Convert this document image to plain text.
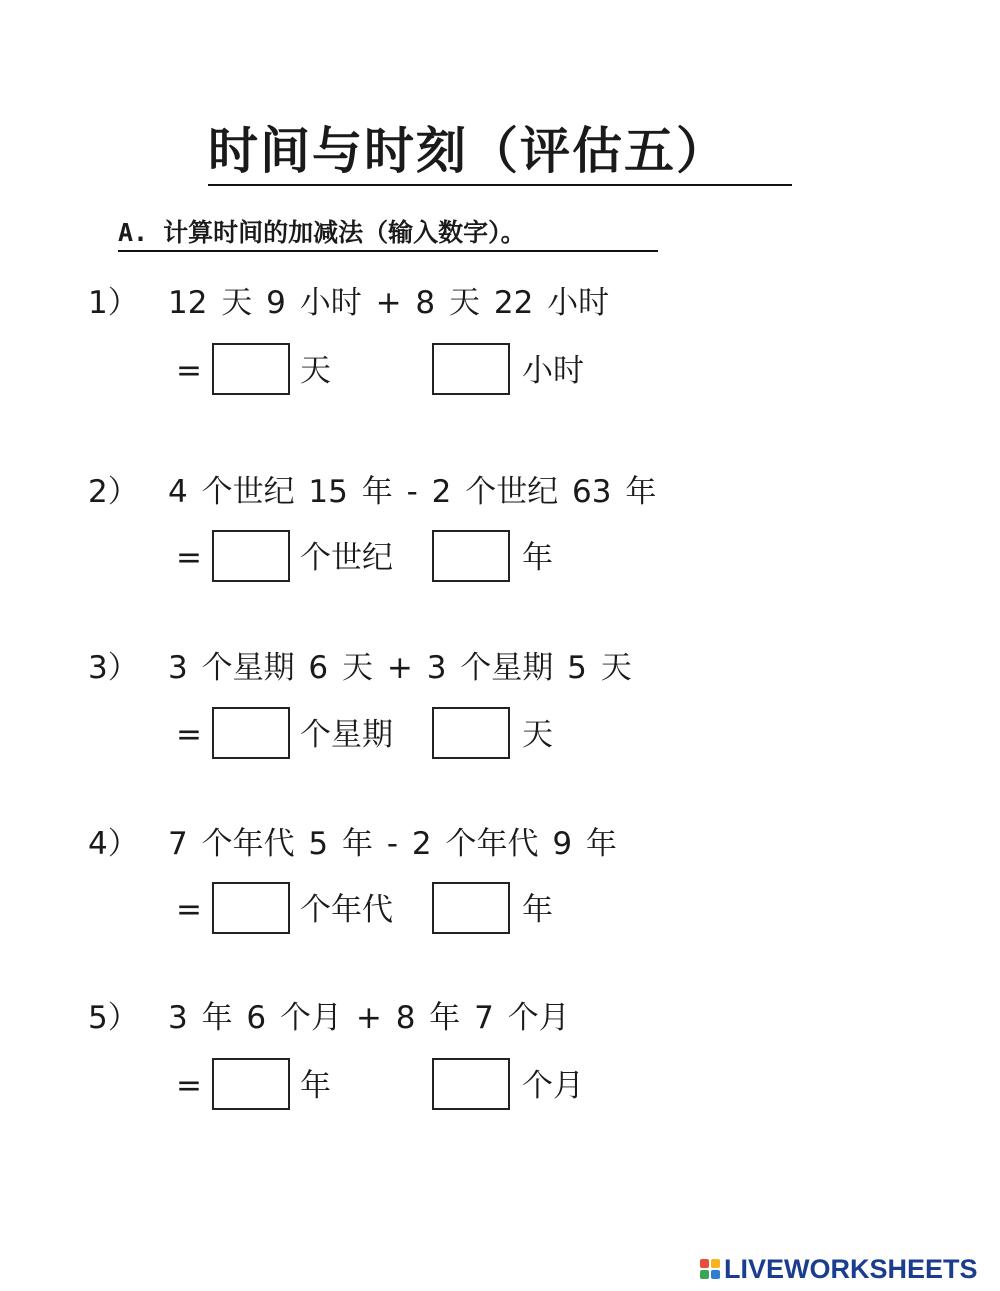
时间与时刻（评估五）
A. 计算时间的加减法（输入数字）。
1） 12 天 9 小时 + 8 天 22 小时
=	天	小时
2） 4 个世纪 15 年 - 2 个世纪 63 年
=	个世纪	年
3） 3 个星期 6 天 + 3 个星期 5 天
=	个星期	天
4） 7 个年代 5 年 - 2 个年代 9 年
=	个年代	年
5） 3 年 6 个月 + 8 年 7 个月
=	年	个月
LIVEWORKSHEETS
